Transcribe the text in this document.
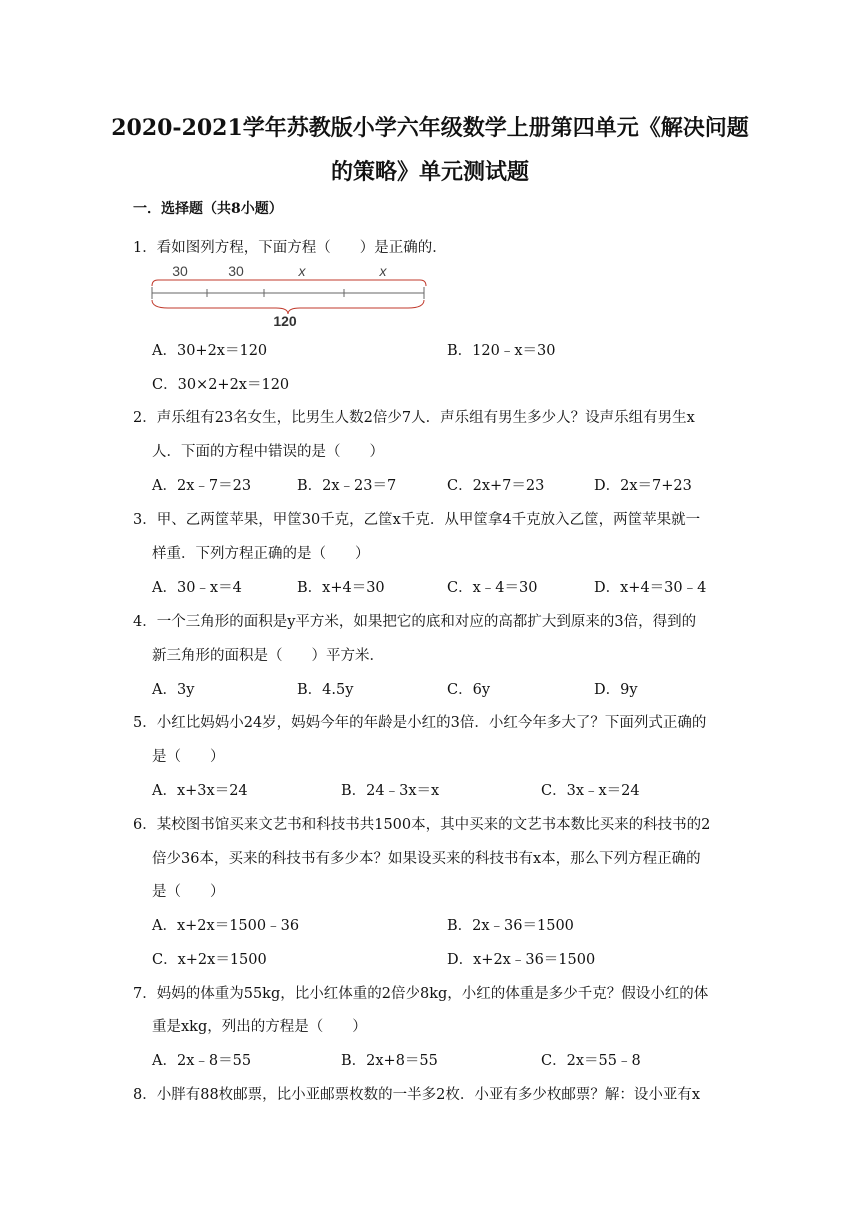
2020-2021学年苏教版小学六年级数学上册第四单元《解决问题
的策略》单元测试题
一．选择题（共8小题）
1．看如图列方程，下面方程（　　）是正确的．
30	30	x	x
120
A．30+2x＝120	B．120﹣x＝30
C．30×2+2x＝120
2．声乐组有23名女生，比男生人数2倍少7人．声乐组有男生多少人？设声乐组有男生x
人．下面的方程中错误的是（　　）
A．2x﹣7＝23	B．2x﹣23＝7	C．2x+7＝23	D．2x＝7+23
3．甲、乙两筐苹果，甲筐30千克，乙筐x千克．从甲筐拿4千克放入乙筐，两筐苹果就一
样重．下列方程正确的是（　　）
A．30﹣x＝4	B．x+4＝30	C．x﹣4＝30	D．x+4＝30﹣4
4．一个三角形的面积是y平方米，如果把它的底和对应的高都扩大到原来的3倍，得到的
新三角形的面积是（　　）平方米．
A．3y	B．4.5y	C．6y	D．9y
5．小红比妈妈小24岁，妈妈今年的年龄是小红的3倍．小红今年多大了？下面列式正确的
是（　　）
A．x+3x＝24	B．24﹣3x＝x	C．3x﹣x＝24
6．某校图书馆买来文艺书和科技书共1500本，其中买来的文艺书本数比买来的科技书的2
倍少36本，买来的科技书有多少本？如果设买来的科技书有x本，那么下列方程正确的
是（　　）
A．x+2x＝1500﹣36	B．2x﹣36＝1500
C．x+2x＝1500	D．x+2x﹣36＝1500
7．妈妈的体重为55kg，比小红体重的2倍少8kg，小红的体重是多少千克？假设小红的体
重是xkg，列出的方程是（　　）
A．2x﹣8＝55	B．2x+8＝55	C．2x＝55﹣8
8．小胖有88枚邮票，比小亚邮票枚数的一半多2枚．小亚有多少枚邮票？解：设小亚有x
